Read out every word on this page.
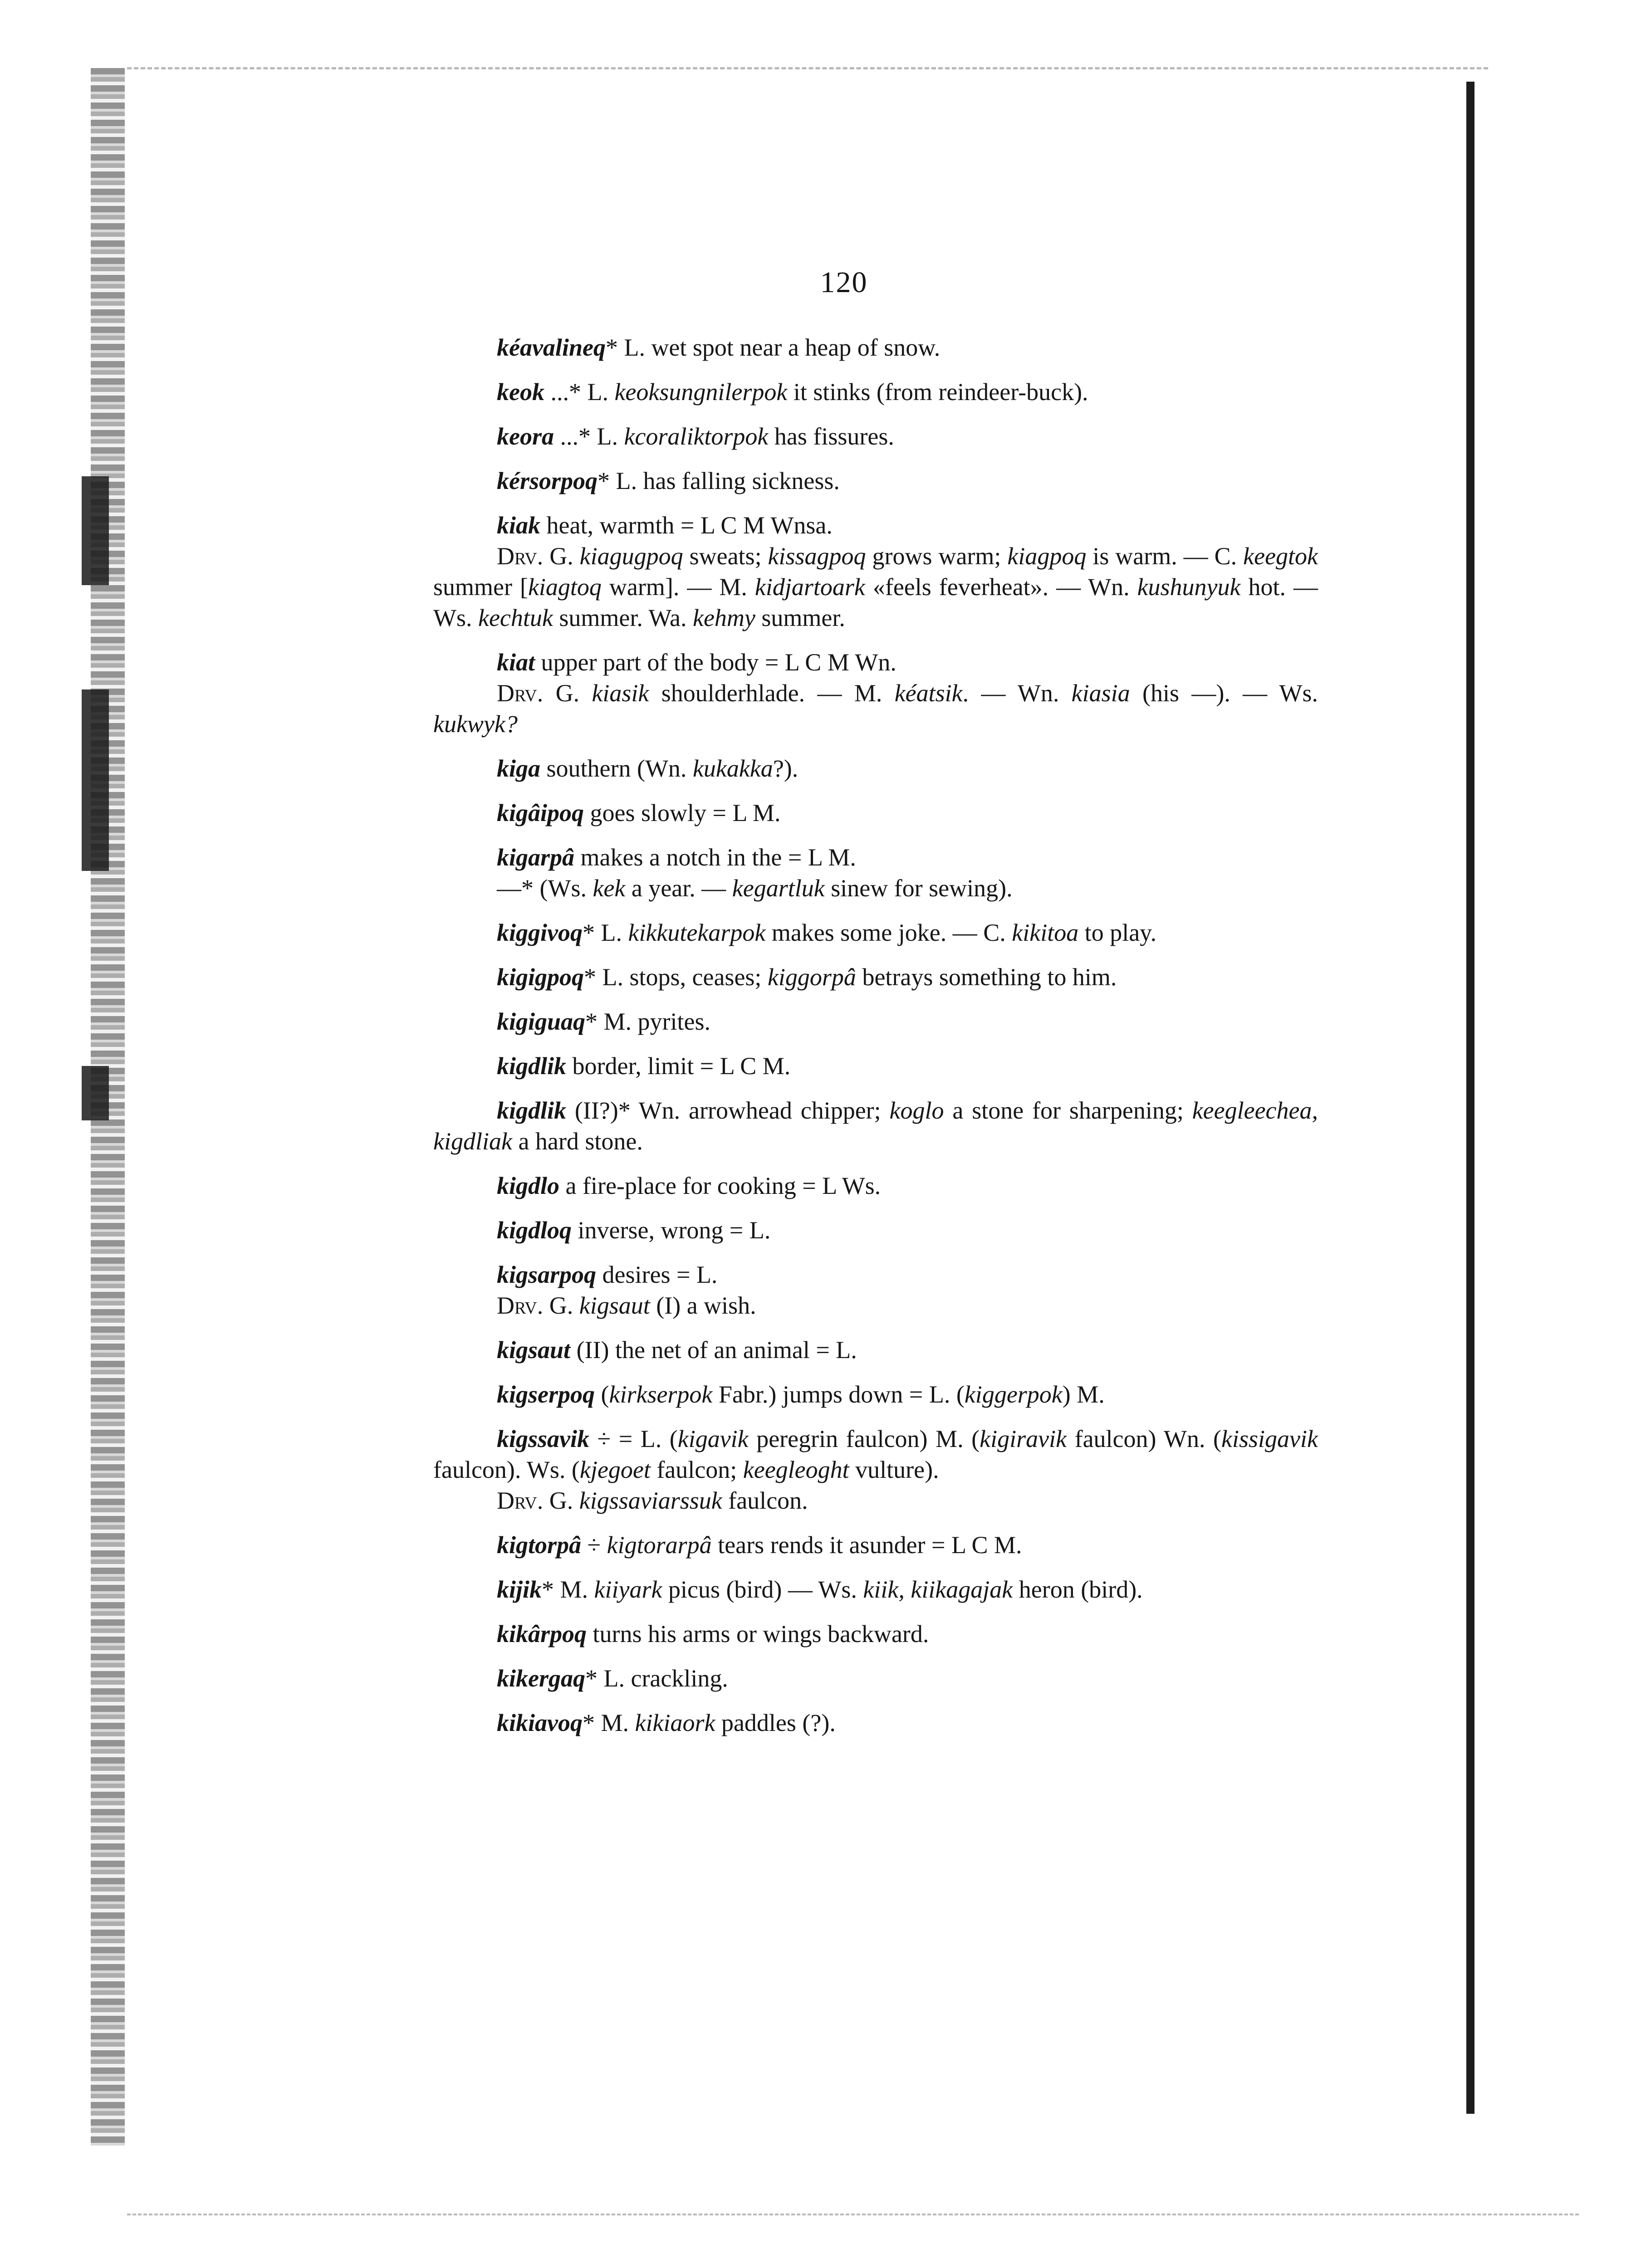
120

kéavalineq* L. wet spot near a heap of snow.

keok ...* L. keoksungnilerpok it stinks (from reindeer-buck).

keora ...* L. kcoraliktorpok has fissures.

kérsorpoq* L. has falling sickness.

kiak heat, warmth = L C M Wnsa.

Drv. G. kiagugpoq sweats; kissagpoq grows warm; kiagpoq is warm. — C. keegtok summer [kiagtoq warm]. — M. kidjartoark «feels feverheat». — Wn. kushunyuk hot. — Ws. kechtuk summer. Wa. kehmy summer.

kiat upper part of the body = L C M Wn.

Drv. G. kiasik shoulderhlade. — M. kéatsik. — Wn. kiasia (his —). — Ws. kukwyk?

kiga southern (Wn. kukakka?).

kigâipoq goes slowly = L M.

kigarpâ makes a notch in the = L M.

—* (Ws. kek a year. — kegartluk sinew for sewing).

kiggivoq* L. kikkutekarpok makes some joke. — C. kikitoa to play.

kigigpoq* L. stops, ceases; kiggorpâ betrays something to him.

kigiguaq* M. pyrites.

kigdlik border, limit = L C M.

kigdlik (II?)* Wn. arrowhead chipper; koglo a stone for sharpening; keegleechea, kigdliak a hard stone.

kigdlo a fire-place for cooking = L Ws.

kigdloq inverse, wrong = L.

kigsarpoq desires = L.

Drv. G. kigsaut (I) a wish.

kigsaut (II) the net of an animal = L.

kigserpoq (kirkserpok Fabr.) jumps down = L. (kiggerpok) M.

kigssavik ÷ = L. (kigavik peregrin faulcon) M. (kigiravik faulcon) Wn. (kissigavik faulcon). Ws. (kjegoet faulcon; keegleoght vulture).

Drv. G. kigssaviarssuk faulcon.

kigtorpâ ÷ kigtorarpâ tears rends it asunder = L C M.

kijik* M. kiiyark picus (bird) — Ws. kiik, kiikagajak heron (bird).

kikârpoq turns his arms or wings backward.

kikergaq* L. crackling.

kikiavoq* M. kikiaork paddles (?).
